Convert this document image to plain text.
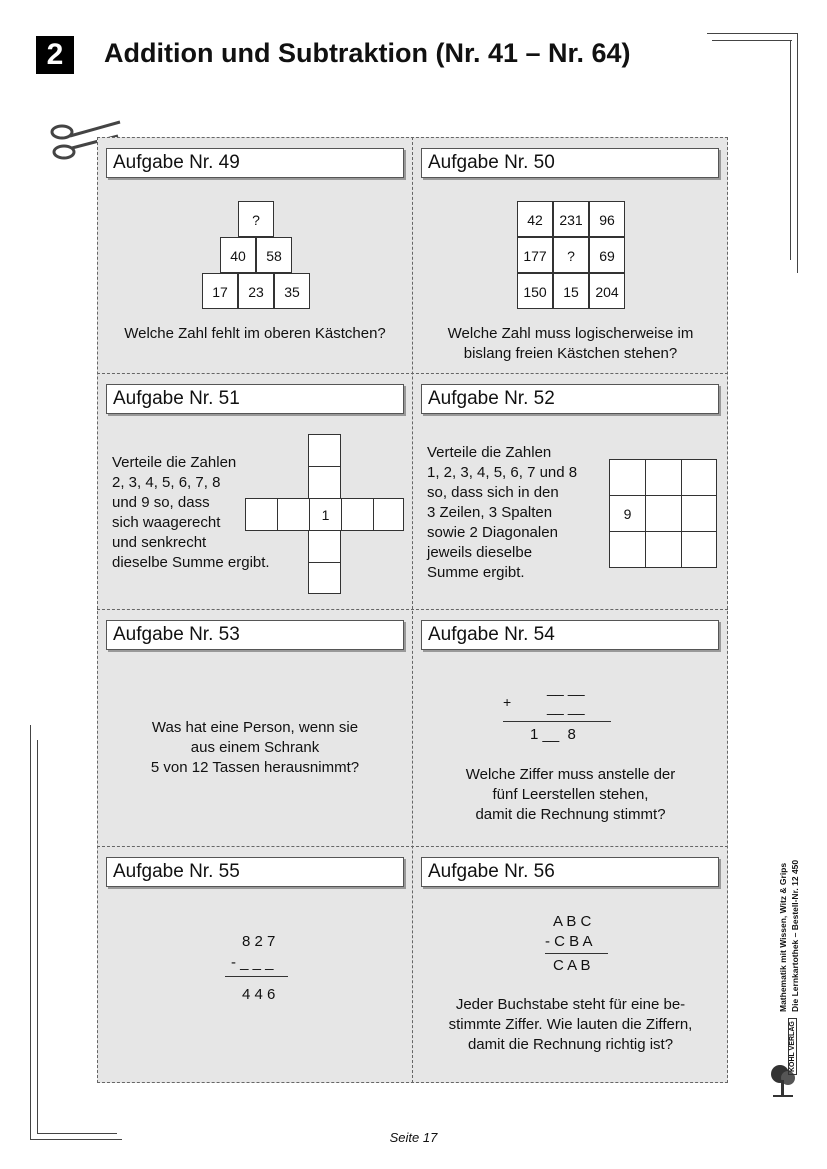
2	Addition und Subtraktion (Nr. 41 – Nr. 64)
Aufgabe Nr. 49
?
40	58
17	23	35
Welche Zahl fehlt im oberen Kästchen?
Aufgabe Nr. 50
42	231	96
177	?	69
150	15	204
Welche Zahl muss logischerweise im
bislang freien Kästchen stehen?
Aufgabe Nr. 51
Verteile die Zahlen
2, 3, 4, 5, 6, 7, 8
und 9 so, dass
sich waagerecht
und senkrecht
dieselbe Summe ergibt.
1
Aufgabe Nr. 52
Verteile die Zahlen
1, 2, 3, 4, 5, 6, 7 und 8
so, dass sich in den
3 Zeilen, 3 Spalten
sowie 2 Diagonalen
jeweils dieselbe
Summe ergibt.
9
Aufgabe Nr. 53
Was hat eine Person, wenn sie
aus einem Schrank
5 von 12 Tassen herausnimmt?
Aufgabe Nr. 54
+
__ __
__ __
1 __  8
Welche Ziffer muss anstelle der
fünf Leerstellen stehen,
damit die Rechnung stimmt?
Aufgabe Nr. 55
8 2 7
- _ _ _
4 4 6
Aufgabe Nr. 56
A B C
- C B A
C A B
Jeder Buchstabe steht für eine be-
stimmte Ziffer. Wie lauten die Ziffern,
damit die Rechnung richtig ist?
Mathematik mit Wissen, Witz & Grips Die Lernkartothek – Bestell-Nr. 12 450
KOHL VERLAG
Seite 17
